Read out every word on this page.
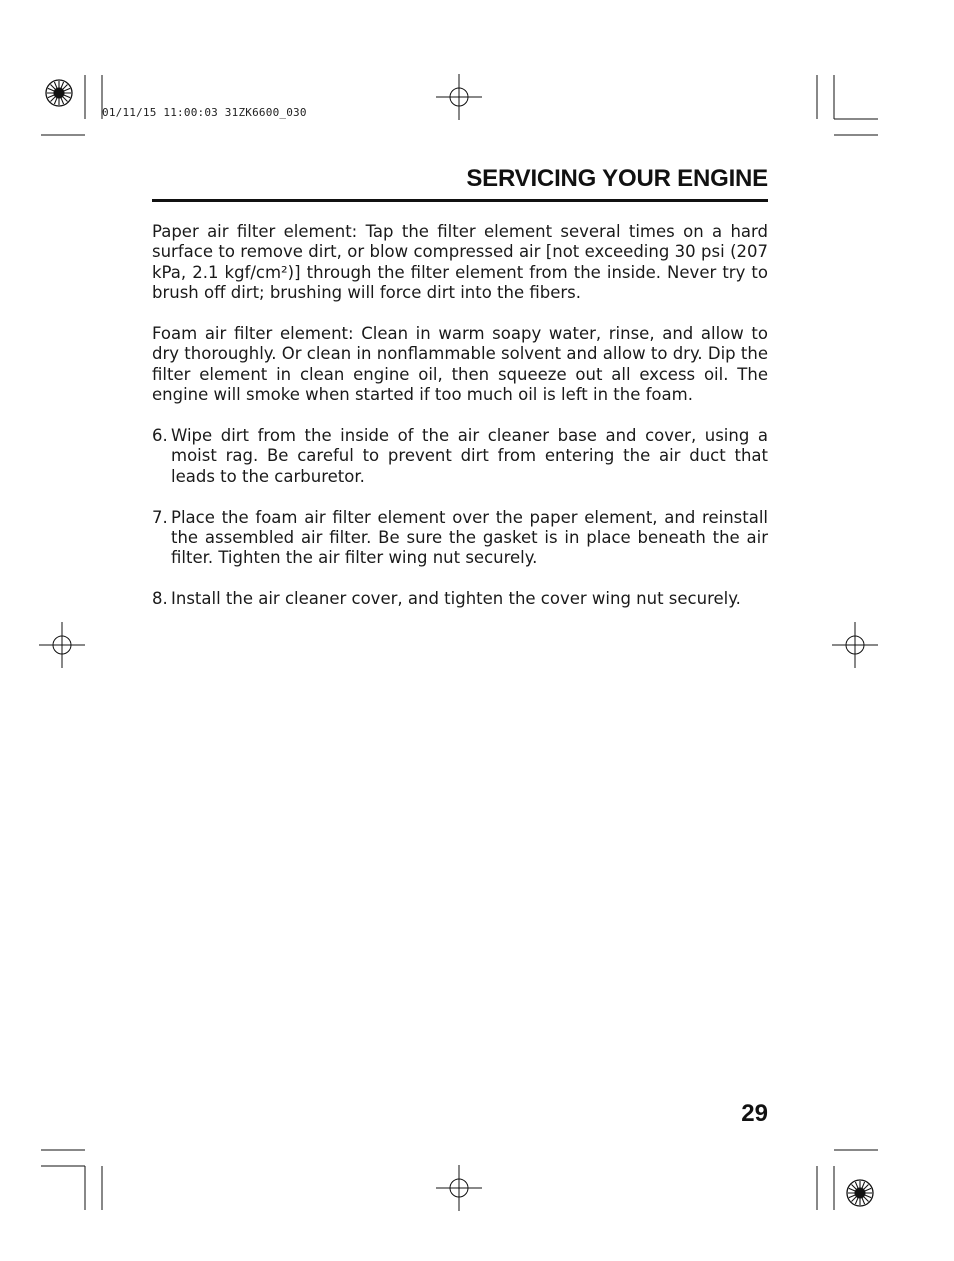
01/11/15 11:00:03 31ZK6600_030
SERVICING YOUR ENGINE

Paper air filter element: Tap the filter element several times on a hard surface to remove dirt, or blow compressed air [not exceeding 30 psi (207 kPa, 2.1 kgf/cm²)] through the filter element from the inside. Never try to brush off dirt; brushing will force dirt into the fibers.

Foam air filter element: Clean in warm soapy water, rinse, and allow to dry thoroughly. Or clean in nonflammable solvent and allow to dry. Dip the filter element in clean engine oil, then squeeze out all excess oil. The engine will smoke when started if too much oil is left in the foam.

6. Wipe dirt from the inside of the air cleaner base and cover, using a moist rag. Be careful to prevent dirt from entering the air duct that leads to the carburetor.
7. Place the foam air filter element over the paper element, and reinstall the assembled air filter. Be sure the gasket is in place beneath the air filter. Tighten the air filter wing nut securely.
8. Install the air cleaner cover, and tighten the cover wing nut securely.
29
